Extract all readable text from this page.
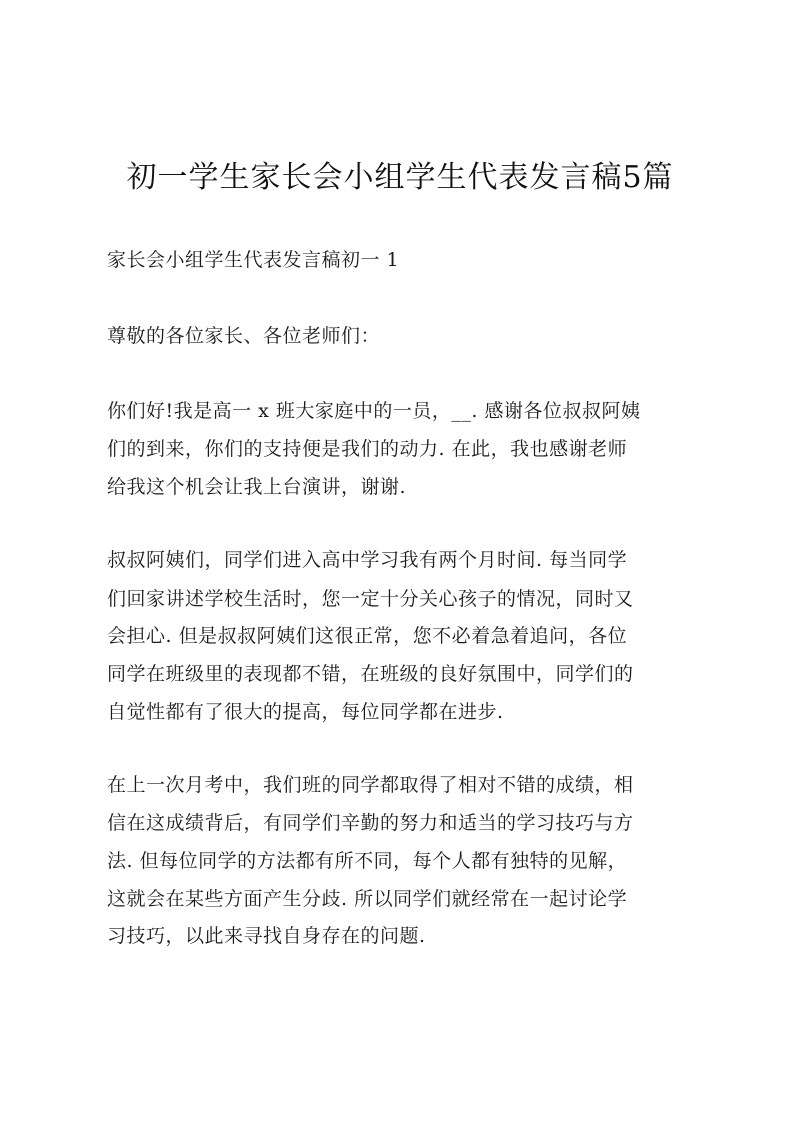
初一学生家长会小组学生代表发言稿5篇
家长会小组学生代表发言稿初一 1
尊敬的各位家长、各位老师们：
你们好!我是高一 x 班大家庭中的一员，__. 感谢各位叔叔阿姨
们的到来，你们的支持便是我们的动力. 在此，我也感谢老师
给我这个机会让我上台演讲，谢谢.
叔叔阿姨们，同学们进入高中学习我有两个月时间. 每当同学
们回家讲述学校生活时，您一定十分关心孩子的情况，同时又
会担心. 但是叔叔阿姨们这很正常，您不必着急着追问，各位
同学在班级里的表现都不错，在班级的良好氛围中，同学们的
自觉性都有了很大的提高，每位同学都在进步.
在上一次月考中，我们班的同学都取得了相对不错的成绩，相
信在这成绩背后，有同学们辛勤的努力和适当的学习技巧与方
法. 但每位同学的方法都有所不同，每个人都有独特的见解，
这就会在某些方面产生分歧. 所以同学们就经常在一起讨论学
习技巧，以此来寻找自身存在的问题.
